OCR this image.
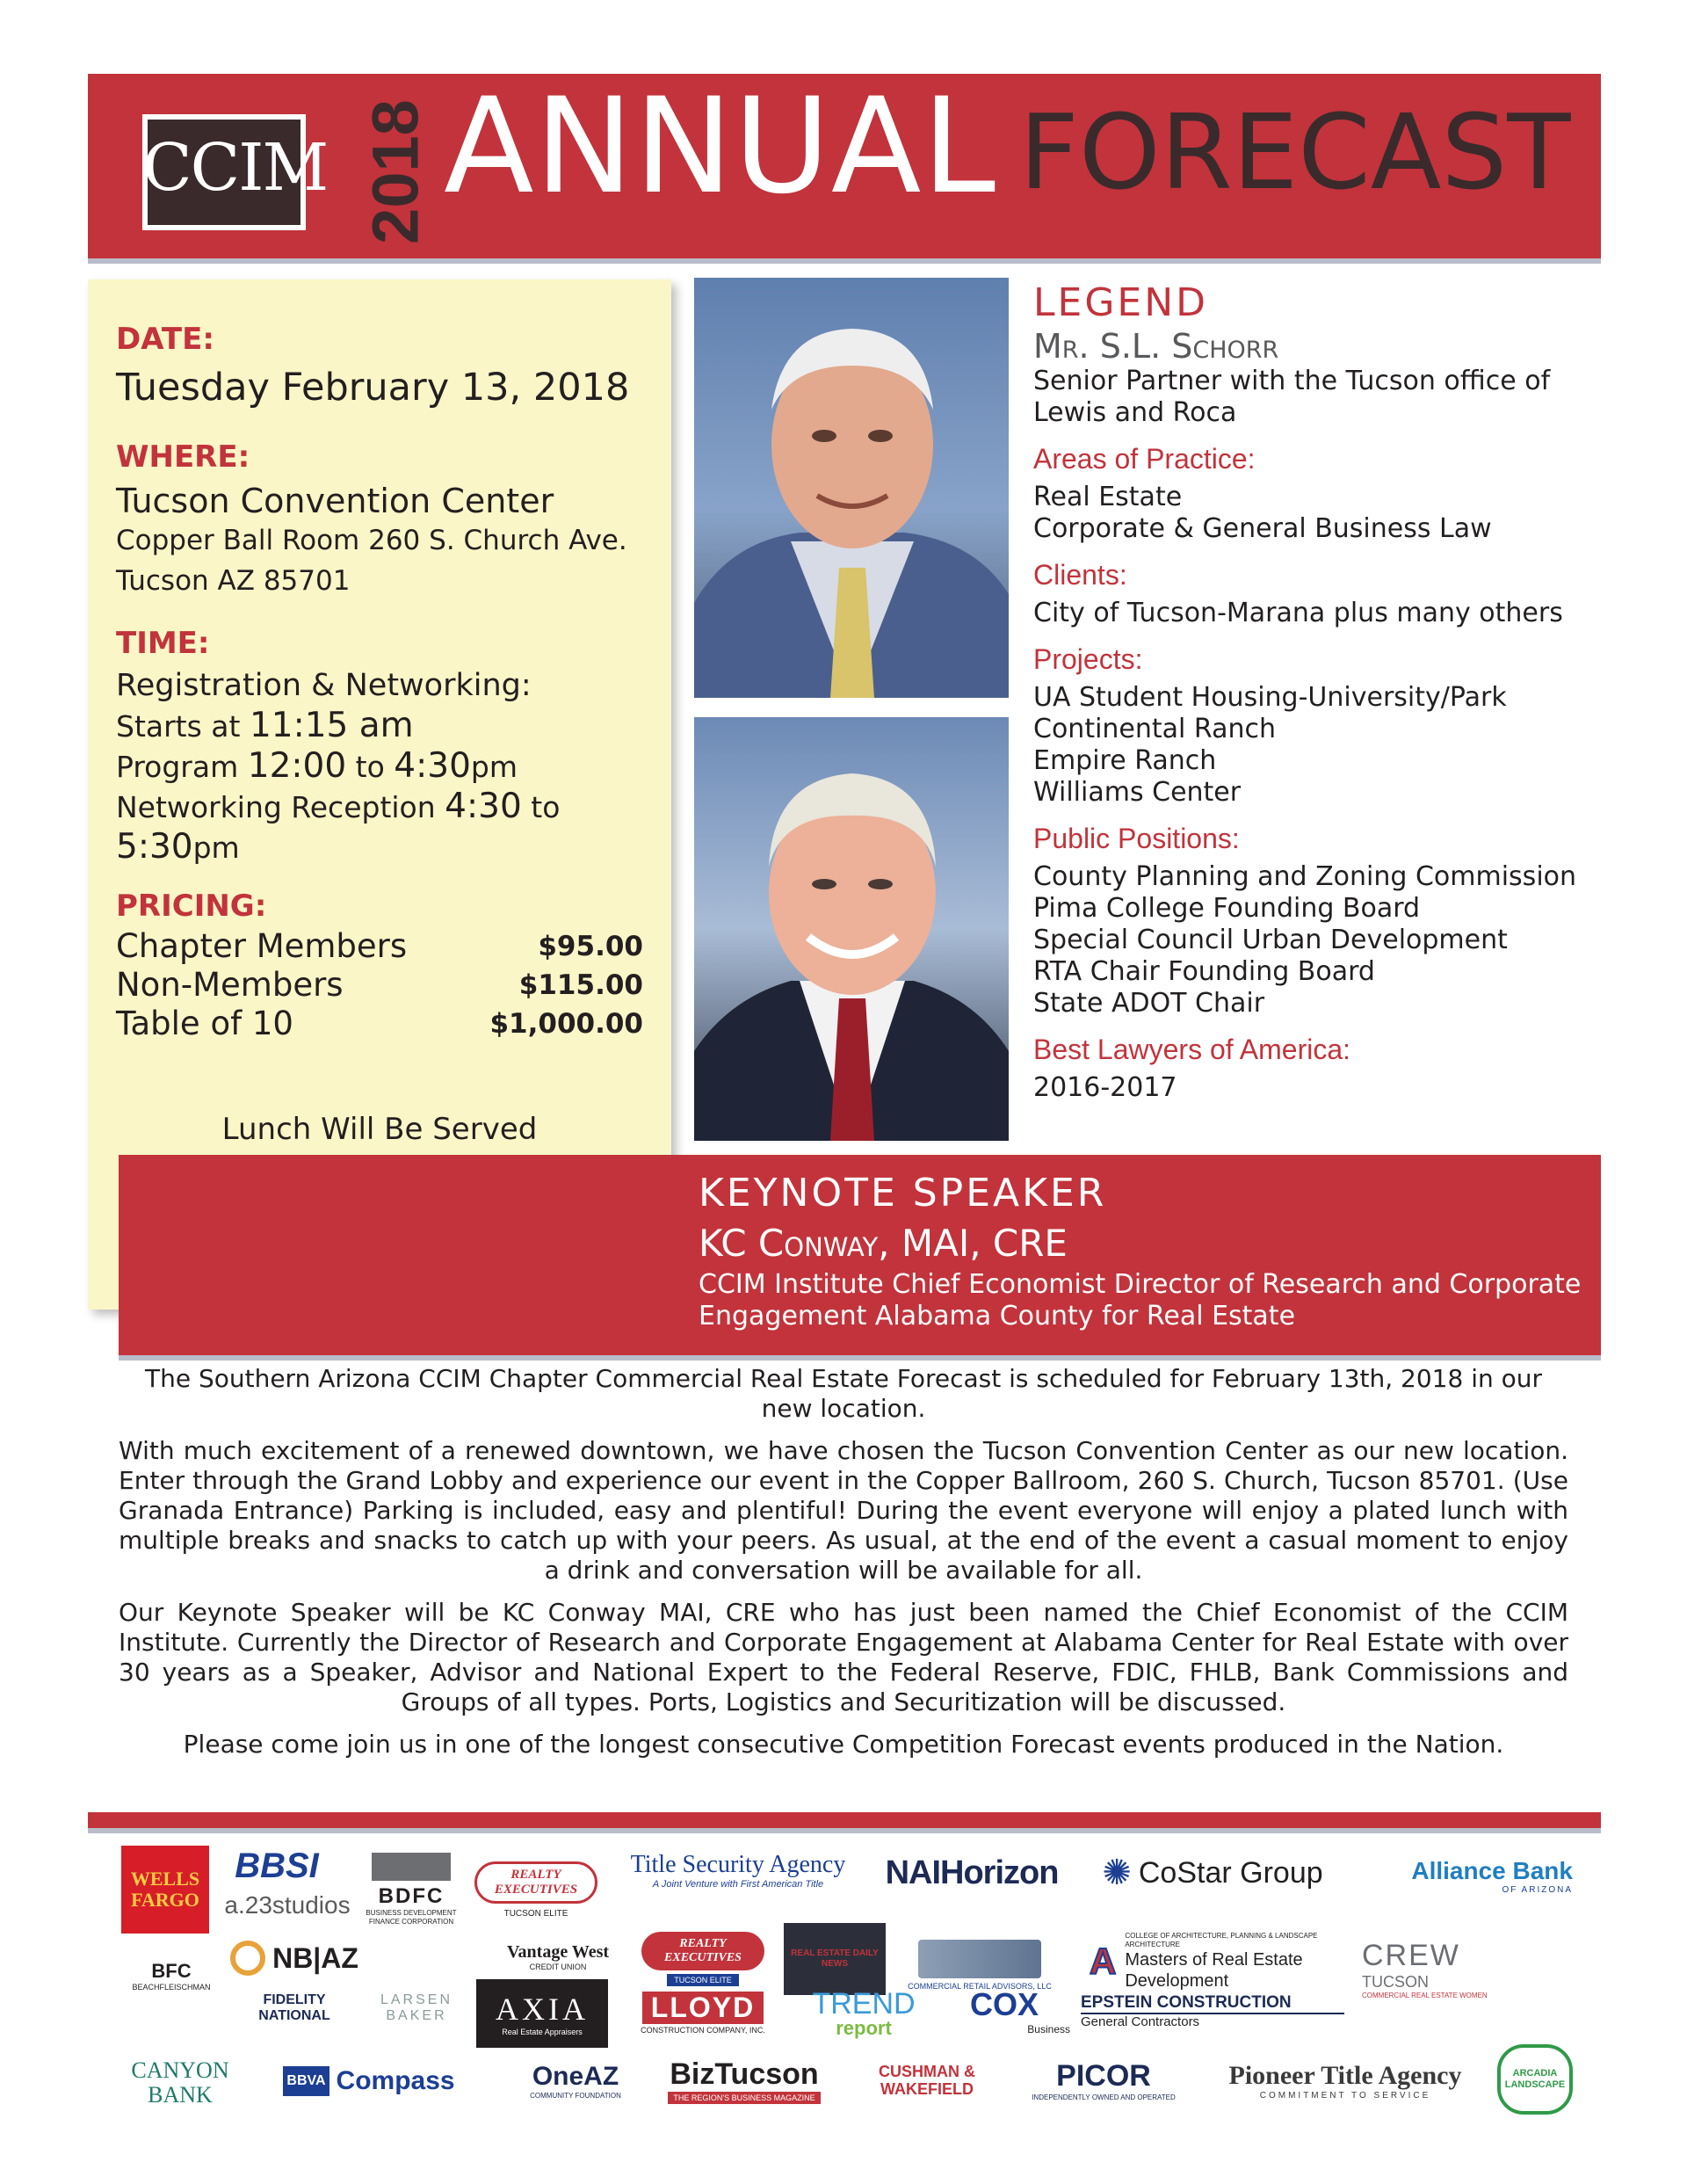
CCIM 2018 ANNUAL FORECAST
DATE:
Tuesday February 13, 2018
WHERE:
Tucson Convention Center
Copper Ball Room 260 S. Church Ave.
Tucson AZ 85701
TIME:
Registration & Networking:
Starts at 11:15 am
Program 12:00 to 4:30pm
Networking Reception 4:30 to 5:30pm
PRICING:
Chapter Members	$95.00
Non-Members	$115.00
Table of 10	$1,000.00
Lunch Will Be Served
LEGEND
Mr. S.L. Schorr
Senior Partner with the Tucson office of Lewis and Roca
Areas of Practice:
Real Estate
Corporate & General Business Law
Clients:
City of Tucson-Marana plus many others
Projects:
UA Student Housing-University/Park
Continental Ranch
Empire Ranch
Williams Center
Public Positions:
County Planning and Zoning Commission
Pima College Founding Board
Special Council Urban Development
RTA Chair Founding Board
State ADOT Chair
Best Lawyers of America:
2016-2017
KEYNOTE SPEAKER
KC Conway, MAI, CRE
CCIM Institute Chief Economist Director of Research and Corporate Engagement Alabama County for Real Estate

The Southern Arizona CCIM Chapter Commercial Real Estate Forecast is scheduled for February 13th, 2018 in our new location.

With much excitement of a renewed downtown, we have chosen the Tucson Convention Center as our new location. Enter through the Grand Lobby and experience our event in the Copper Ballroom, 260 S. Church, Tucson 85701. (Use Granada Entrance) Parking is included, easy and plentiful! During the event everyone will enjoy a plated lunch with multiple breaks and snacks to catch up with your peers. As usual, at the end of the event a casual moment to enjoy a drink and conversation will be available for all.

Our Keynote Speaker will be KC Conway MAI, CRE who has just been named the Chief Economist of the CCIM Institute. Currently the Director of Research and Corporate Engagement at Alabama Center for Real Estate with over 30 years as a Speaker, Advisor and National Expert to the Federal Reserve, FDIC, FHLB, Bank Commissions and Groups of all types. Ports, Logistics and Securitization will be discussed.

Please come join us in one of the longest consecutive Competition Forecast events produced in the Nation.

WELLS FARGO
BBSI
a.23studios BDFC
BUSINESS DEVELOPMENT FINANCE CORPORATION
REALTY EXECUTIVES
TUCSON ELITE
Title Security Agency
A Joint Venture with First American Title NAIHorizon ✺ CoStar Group	Alliance Bank
OF ARIZONA
NB|AZ	Vantage West
CREDIT UNION
REALTY EXECUTIVES
TUCSON ELITE
REAL ESTATE DAILY NEWS
COMMERCIAL RETAIL ADVISORS, LLC
A
COLLEGE OF ARCHITECTURE, PLANNING & LANDSCAPE ARCHITECTURE
Masters of Real Estate Development
CREW
TUCSON
COMMERCIAL REAL ESTATE WOMEN
BFC
BEACHFLEISCHMAN
FIDELITY NATIONAL
LARSEN BAKER	AXIA
Real Estate Appraisers
LLOYD
CONSTRUCTION COMPANY, INC.
TREND
report
COX
Business
EPSTEIN CONSTRUCTION
General Contractors
CANYON BANK
BBVA Compass	OneAZ
COMMUNITY FOUNDATION
BizTucson
THE REGION'S BUSINESS MAGAZINE
CUSHMAN & WAKEFIELD	PICOR
INDEPENDENTLY OWNED AND OPERATED
Pioneer Title Agency
COMMITMENT TO SERVICE
ARCADIA LANDSCAPE
